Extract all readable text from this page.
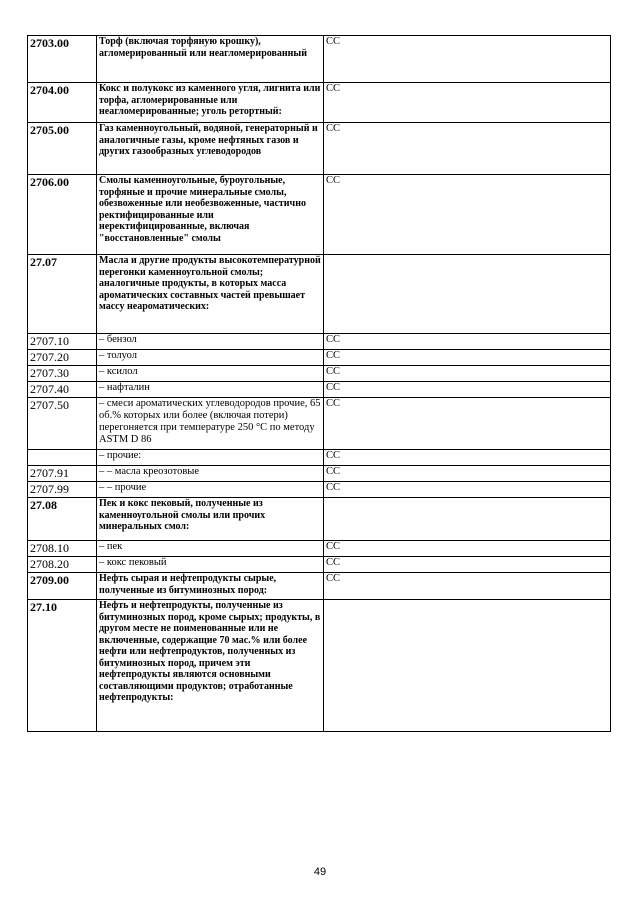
2703.00	Торф (включая торфяную крошку), агломерированный или неагломерированный	СС
2704.00	Кокс и полукокс из каменного угля, лигнита или торфа, агломерированные или неагломерированные; уголь ретортный:	СС
2705.00	Газ каменноугольный, водяной, генераторный и аналогичные газы, кроме нефтяных газов и других газообразных углеводородов	СС
2706.00	Смолы каменноугольные, буроугольные, торфяные и прочие минеральные смолы, обезвоженные или необезвоженные, частично ректифицированные или неректифицированные, включая "восстановленные" смолы	СС
27.07	Масла и другие продукты высокотемпературной перегонки каменноугольной смолы; аналогичные продукты, в которых масса ароматических составных частей превышает массу неароматических:	
2707.10	– бензол	СС
2707.20	– толуол	СС
2707.30	– ксилол	СС
2707.40	– нафталин	СС
2707.50	– смеси ароматических углеводородов прочие, 65 об.% которых или более (включая потери) перегоняется при температуре 250 °С по методу ASTM D 86	СС
	– прочие:	СС
2707.91	– – масла креозотовые	СС
2707.99	– – прочие	СС
27.08	Пек и кокс пековый, полученные из каменноугольной смолы или прочих минеральных смол:	
2708.10	– пек	СС
2708.20	– кокс пековый	СС
2709.00	Нефть сырая и нефтепродукты сырые, полученные из битуминозных пород:	СС
27.10	Нефть и нефтепродукты, полученные из битуминозных пород, кроме сырых; продукты, в другом месте не поименованные или не включенные, содержащие 70 мас.% или более нефти или нефтепродуктов, полученных из битуминозных пород, причем эти нефтепродукты являются основными составляющими продуктов; отработанные нефтепродукты:	
49
